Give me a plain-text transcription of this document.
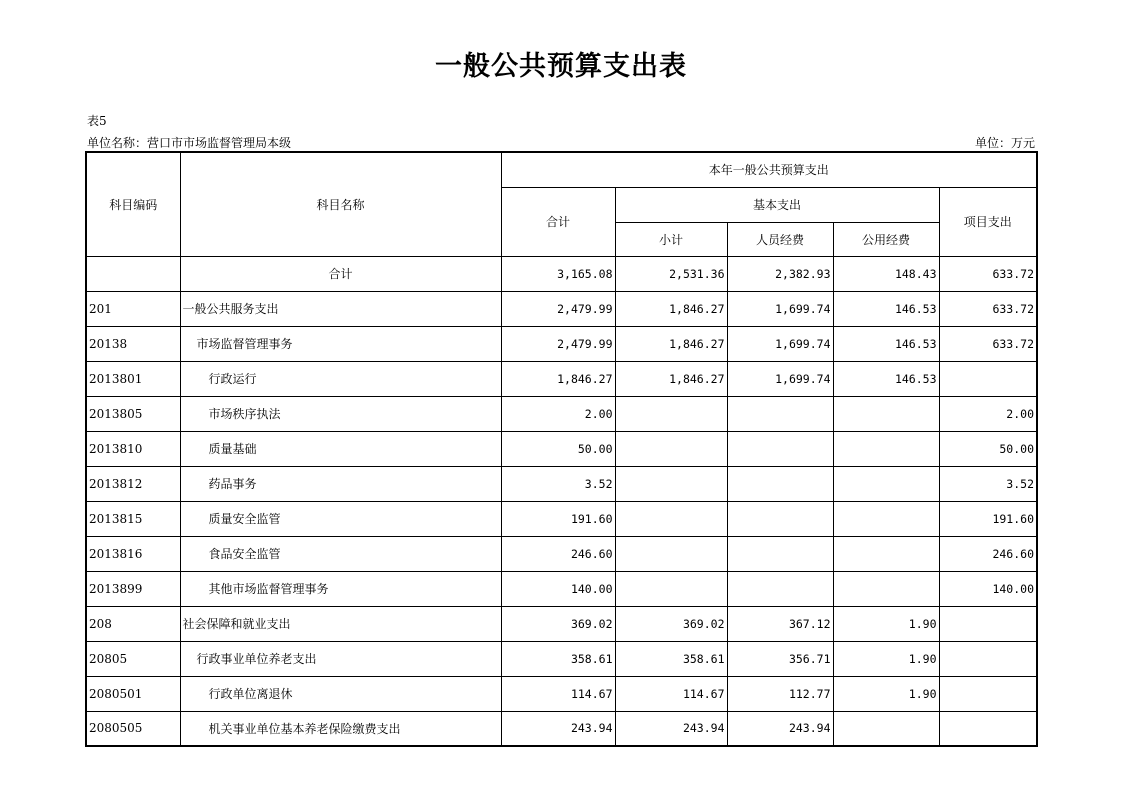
一般公共预算支出表
表5
单位名称：营口市市场监督管理局本级	单位：万元
科目编码	科目名称	本年一般公共预算支出				
		合计	基本支出			项目支出
			小计	人员经费	公用经费	
	合计	3,165.08	2,531.36	2,382.93	148.43	633.72
201	一般公共服务支出	2,479.99	1,846.27	1,699.74	146.53	633.72
20138	市场监督管理事务	2,479.99	1,846.27	1,699.74	146.53	633.72
2013801	行政运行	1,846.27	1,846.27	1,699.74	146.53	
2013805	市场秩序执法	2.00				2.00
2013810	质量基础	50.00				50.00
2013812	药品事务	3.52				3.52
2013815	质量安全监管	191.60				191.60
2013816	食品安全监管	246.60				246.60
2013899	其他市场监督管理事务	140.00				140.00
208	社会保障和就业支出	369.02	369.02	367.12	1.90	
20805	行政事业单位养老支出	358.61	358.61	356.71	1.90	
2080501	行政单位离退休	114.67	114.67	112.77	1.90	
2080505	机关事业单位基本养老保险缴费支出	243.94	243.94	243.94		
